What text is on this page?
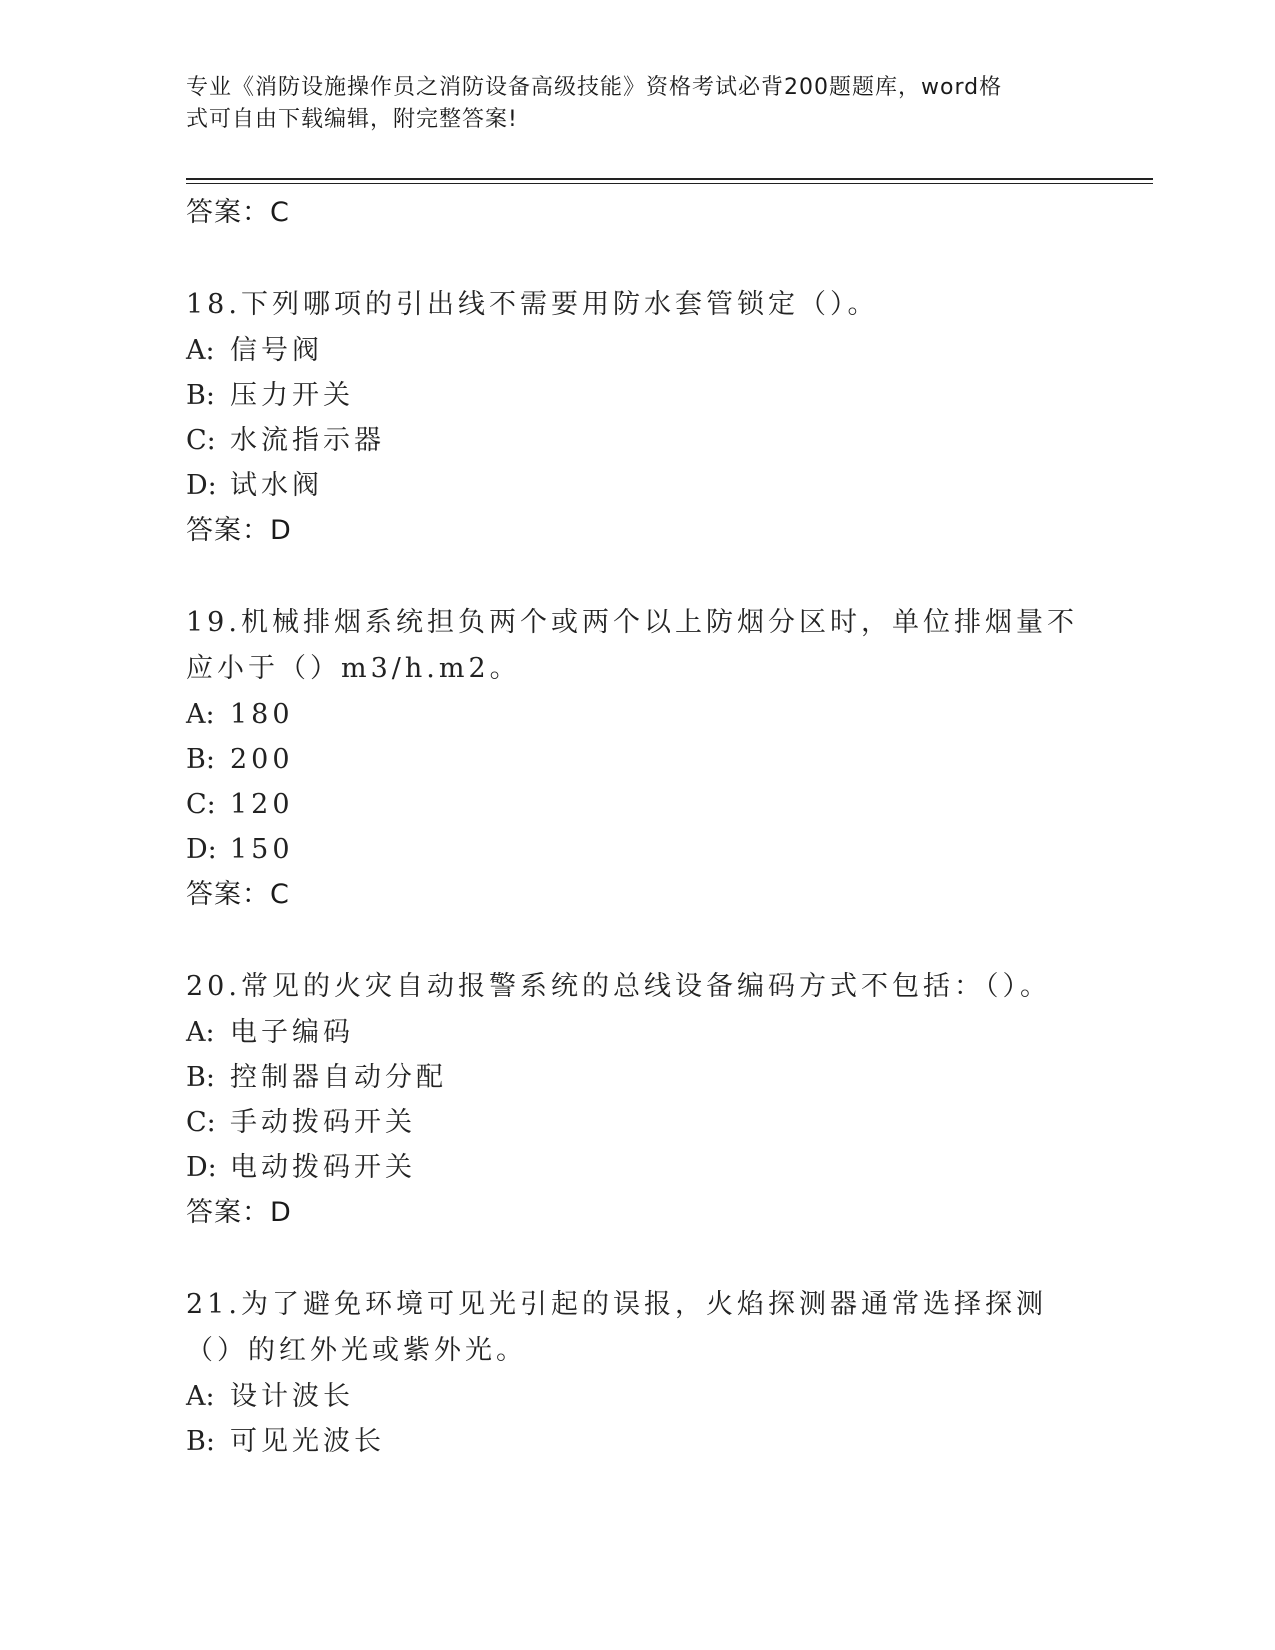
专业《消防设施操作员之消防设备高级技能》资格考试必背200题题库，word格
式可自由下载编辑，附完整答案!
答案：C
18.下列哪项的引出线不需要用防水套管锁定（）。
A: 信号阀
B: 压力开关
C: 水流指示器
D: 试水阀
答案：D
19.机械排烟系统担负两个或两个以上防烟分区时，单位排烟量不应小于（）m3/h.m2。
A: 180
B: 200
C: 120
D: 150
答案：C
20.常见的火灾自动报警系统的总线设备编码方式不包括：（）。
A: 电子编码
B: 控制器自动分配
C: 手动拨码开关
D: 电动拨码开关
答案：D
21.为了避免环境可见光引起的误报，火焰探测器通常选择探测（）的红外光或紫外光。
A: 设计波长
B: 可见光波长
